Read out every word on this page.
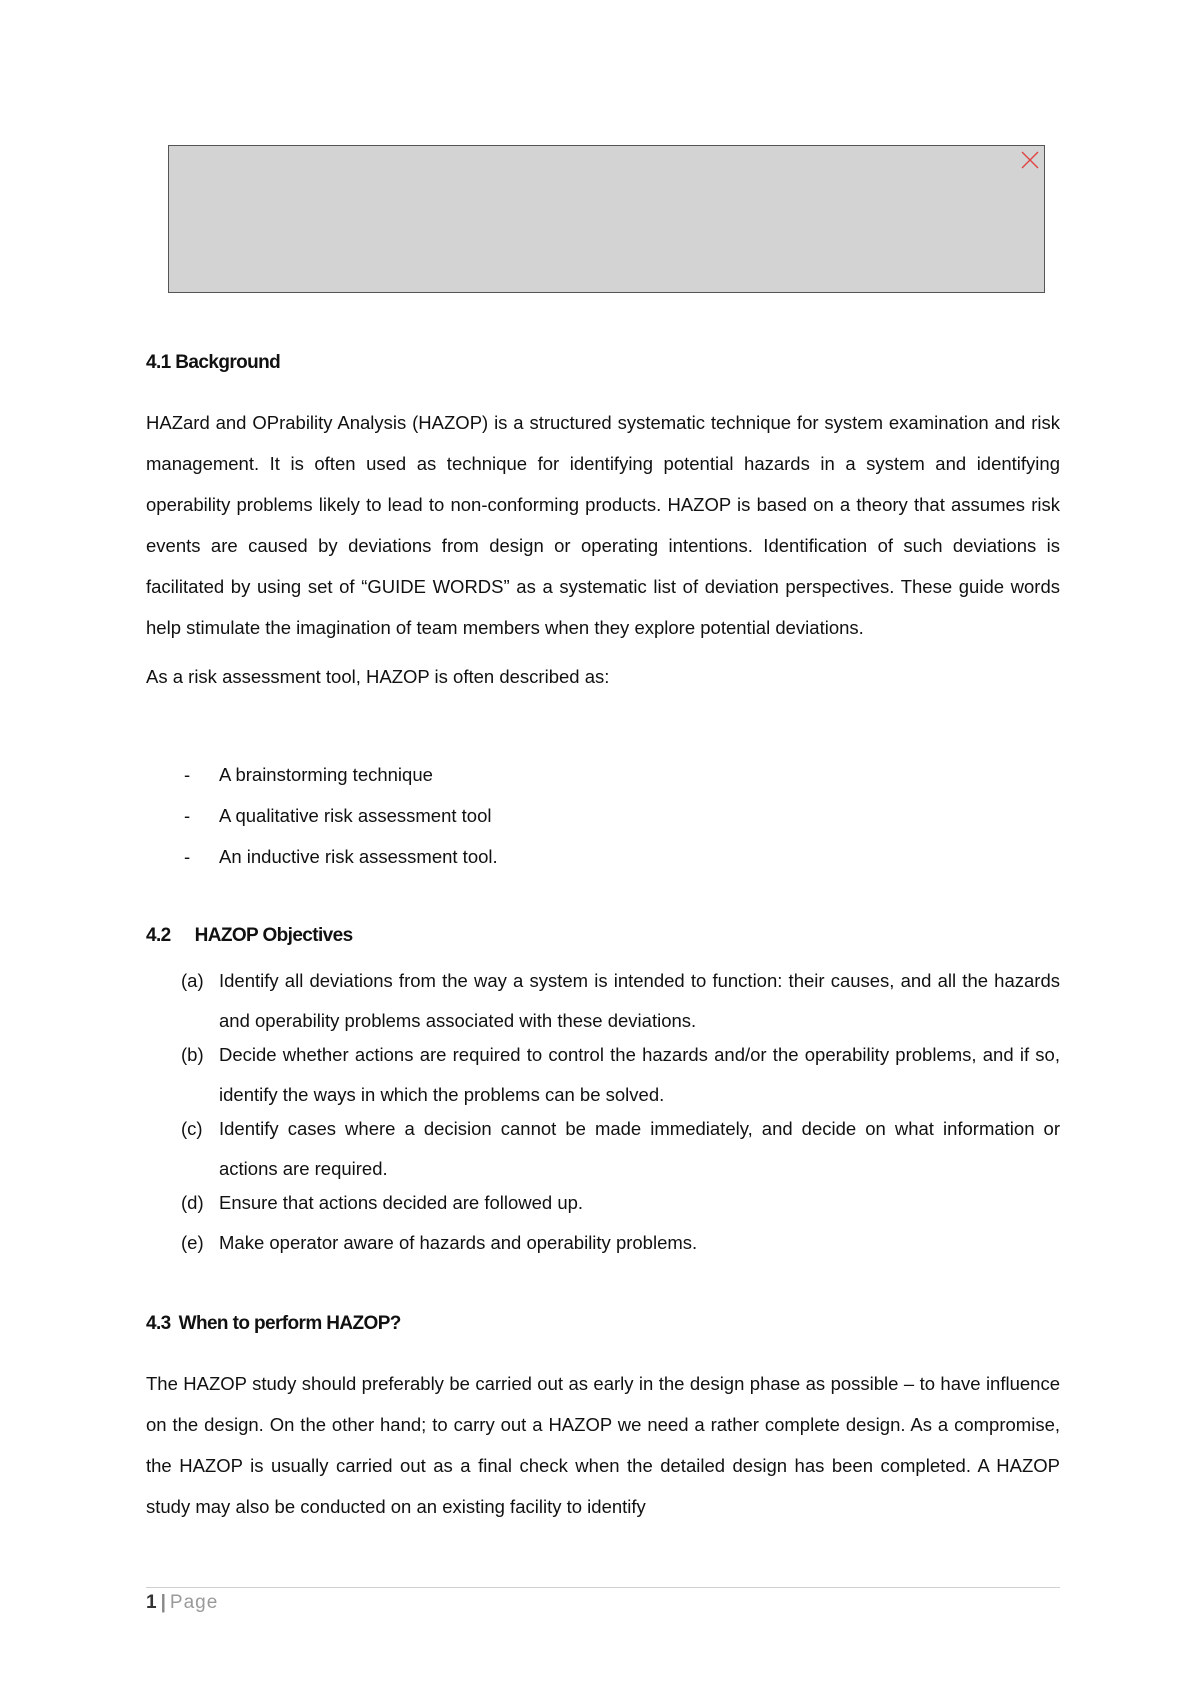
4.1 Background

HAZard and OPrability Analysis (HAZOP) is a structured systematic technique for system examination and risk management. It is often used as technique for identifying potential hazards in a system and identifying operability problems likely to lead to non-conforming products. HAZOP is based on a theory that assumes risk events are caused by deviations from design or operating intentions. Identification of such deviations is facilitated by using set of “GUIDE WORDS” as a systematic list of deviation perspectives. These guide words help stimulate the imagination of team members when they explore potential deviations.

As a risk assessment tool, HAZOP is often described as:

- A brainstorming technique
- A qualitative risk assessment tool
- An inductive risk assessment tool.
4.2 HAZOP Objectives
(a) Identify all deviations from the way a system is intended to function: their causes, and all the hazards and operability problems associated with these deviations.
(b) Decide whether actions are required to control the hazards and/or the operability problems, and if so, identify the ways in which the problems can be solved.
(c) Identify cases where a decision cannot be made immediately, and decide on what information or actions are required.
(d) Ensure that actions decided are followed up.
(e) Make operator aware of hazards and operability problems.
4.3 When to perform HAZOP?

The HAZOP study should preferably be carried out as early in the design phase as possible – to have influence on the design. On the other hand; to carry out a HAZOP we need a rather complete design. As a compromise, the HAZOP is usually carried out as a final check when the detailed design has been completed. A HAZOP study may also be conducted on an existing facility to identify

1 | Page
